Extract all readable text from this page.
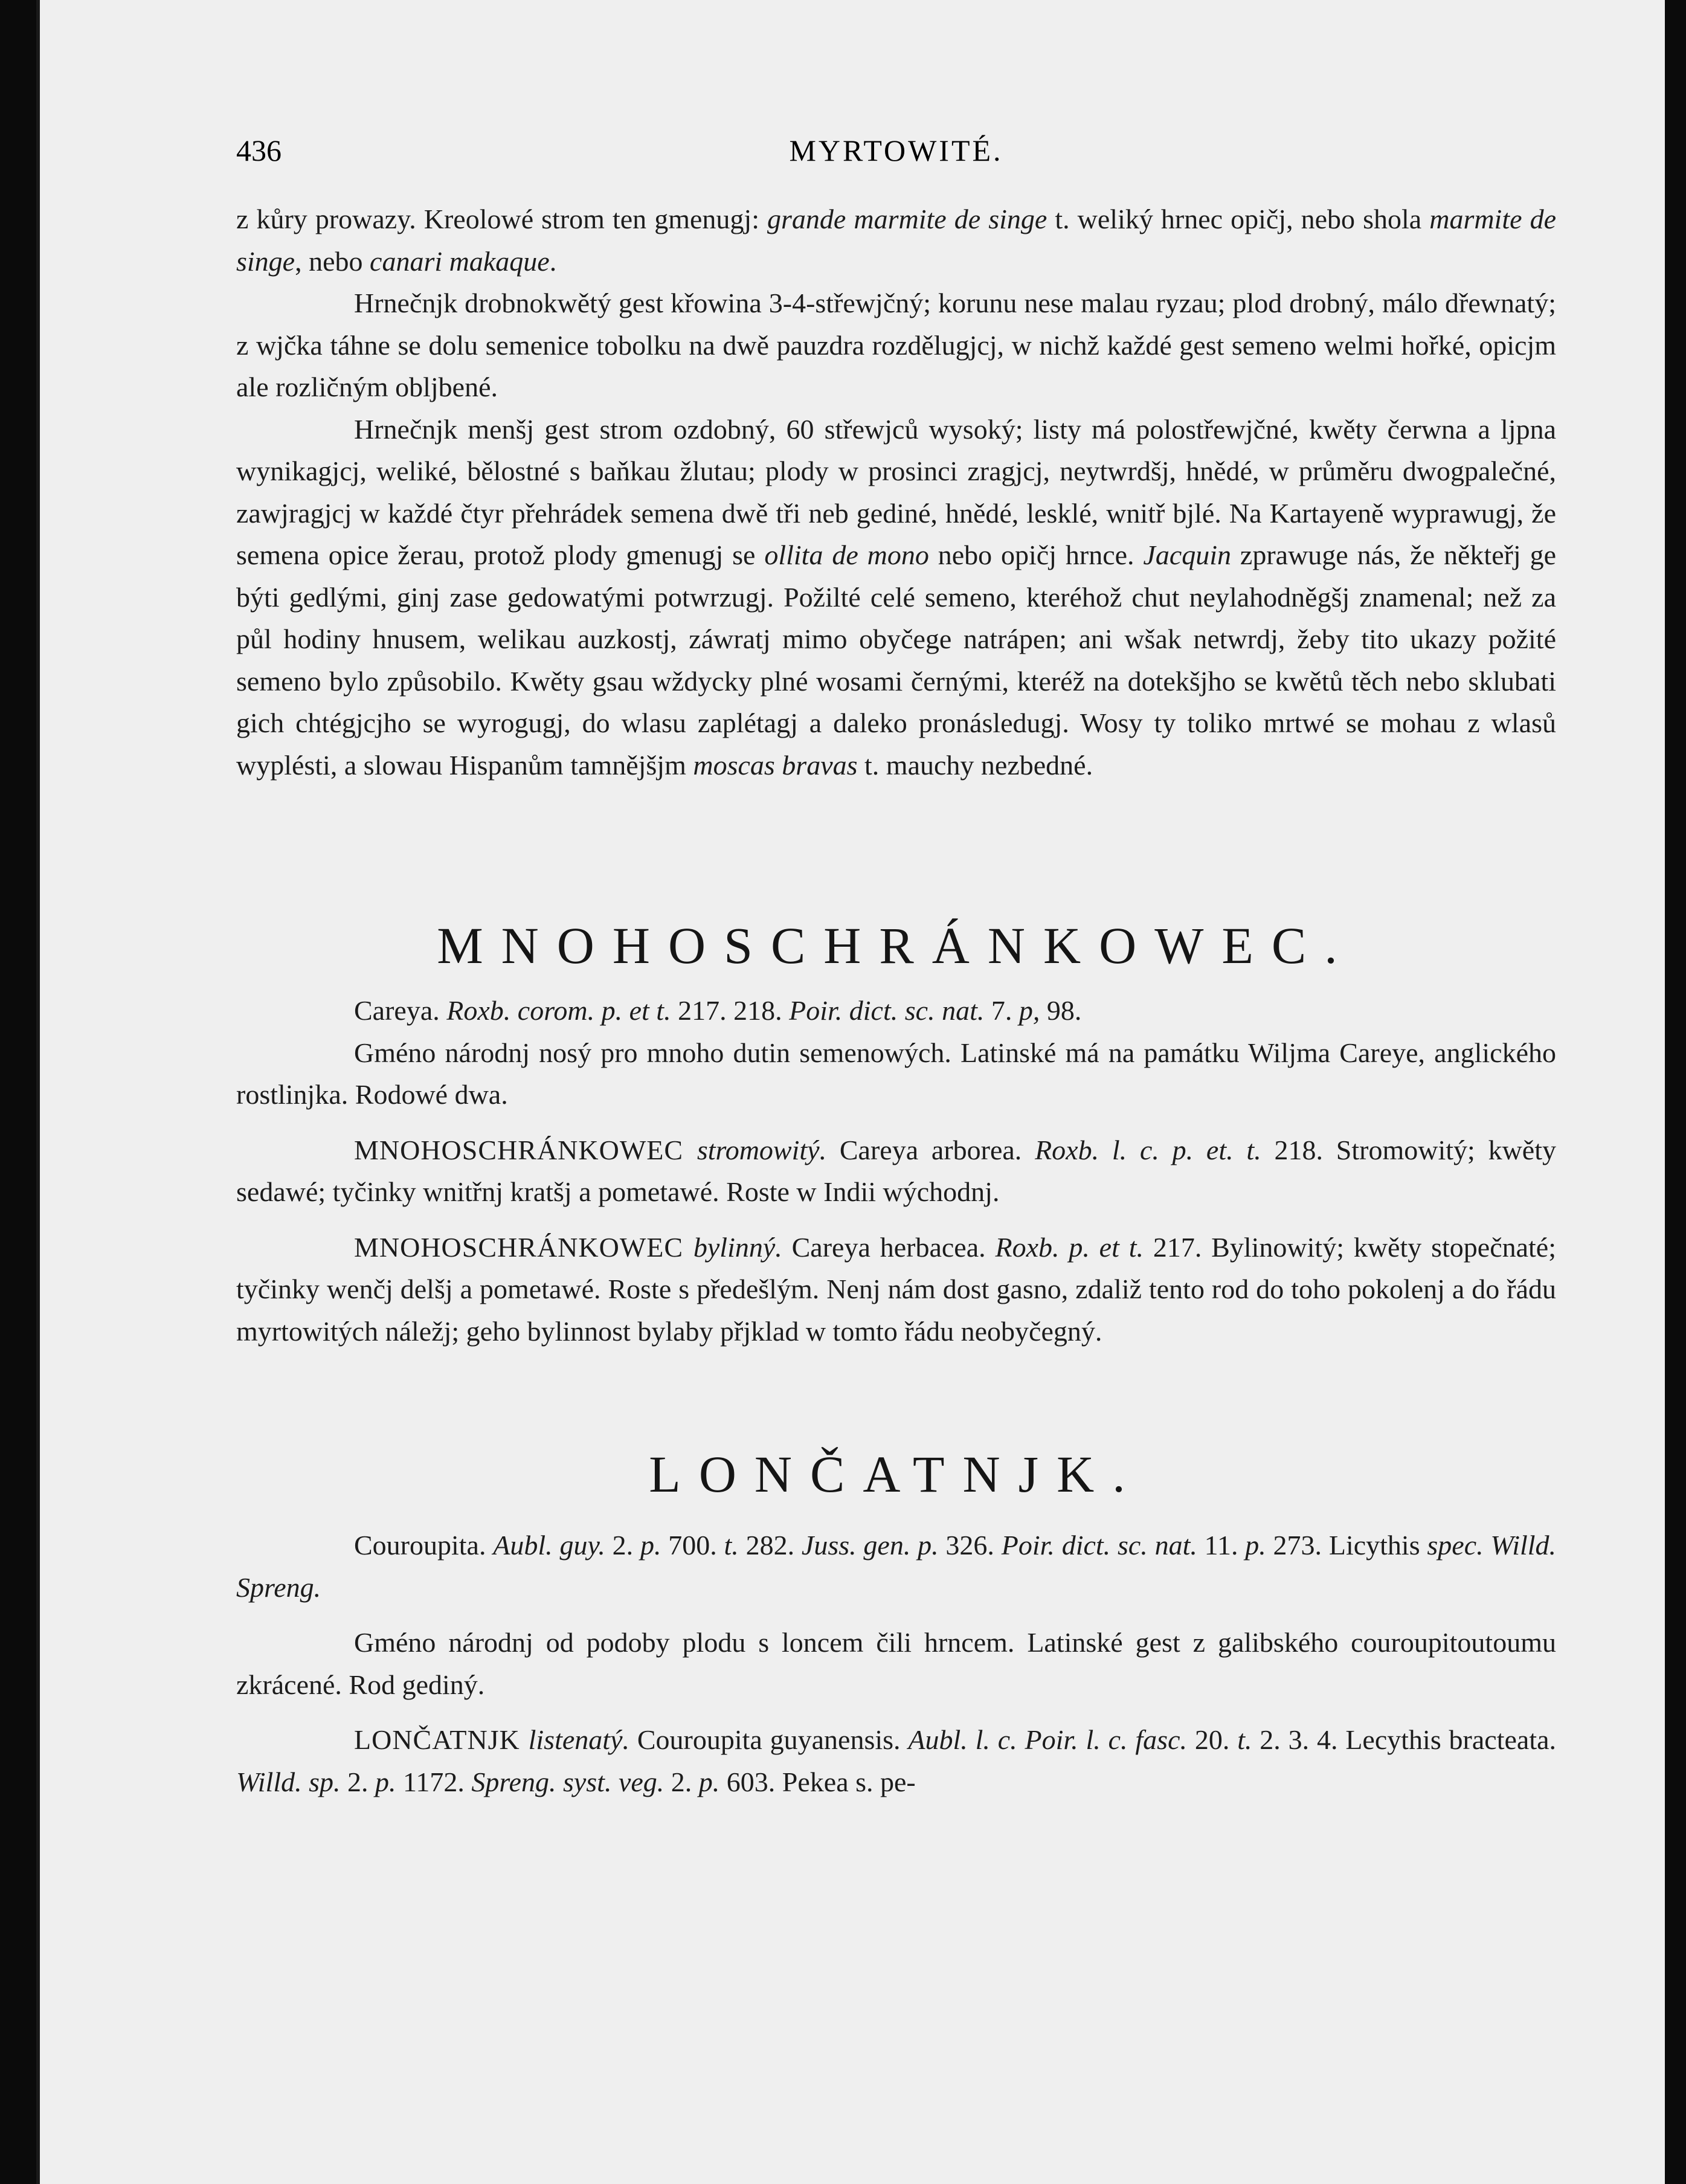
436	MYRTOWITÉ.

z kůry prowazy. Kreolowé strom ten gmenugj: grande marmite de singe t. weliký hrnec opičj, nebo shola marmite de singe, nebo canari makaque.

Hrnečnjk drobnokwětý gest křowina 3-4-střewjčný; korunu nese malau ryzau; plod drobný, málo dřewnatý; z wjčka táhne se dolu semenice tobolku na dwě pauzdra rozdělugjcj, w nichž každé gest semeno welmi hořké, opicjm ale rozličným obljbené.

Hrnečnjk menšj gest strom ozdobný, 60 střewjců wysoký; listy má polostřewjčné, kwěty čerwna a ljpna wynikagjcj, weliké, bělostné s baňkau žlutau; plody w prosinci zragjcj, neytwrdšj, hnědé, w průměru dwogpalečné, zawjragjcj w každé čtyr přehrádek semena dwě tři neb gediné, hnědé, lesklé, wnitř bjlé. Na Kartayeně wyprawugj, že semena opice žerau, protož plody gmenugj se ollita de mono nebo opičj hrnce. Jacquin zprawuge nás, že někteřj ge býti gedlými, ginj zase gedowatými potwrzugj. Požilté celé semeno, kteréhož chut neylahodněgšj znamenal; než za půl hodiny hnusem, welikau auzkostj, záwratj mimo obyčege natrápen; ani wšak netwrdj, žeby tito ukazy požité semeno bylo způsobilo. Kwěty gsau wždycky plné wosami černými, kteréž na dotekšjho se kwětů těch nebo sklubati gich chtégjcjho se wyrogugj, do wlasu zaplétagj a daleko pronásledugj. Wosy ty toliko mrtwé se mohau z wlasů wyplésti, a slowau Hispanům tamnějšjm moscas bravas t. mauchy nezbedné.

MNOHOSCHRÁNKOWEC.

Careya. Roxb. corom. p. et t. 217. 218. Poir. dict. sc. nat. 7. p, 98.

Gméno národnj nosý pro mnoho dutin semenowých. Latinské má na památku Wiljma Careye, anglického rostlinjka. Rodowé dwa.

MNOHOSCHRÁNKOWEC stromowitý. Careya arborea. Roxb. l. c. p. et. t. 218. Stromowitý; kwěty sedawé; tyčinky wnitřnj kratšj a pometawé. Roste w Indii wýchodnj.

MNOHOSCHRÁNKOWEC bylinný. Careya herbacea. Roxb. p. et t. 217. Bylinowitý; kwěty stopečnaté; tyčinky wenčj delšj a pometawé. Roste s předešlým. Nenj nám dost gasno, zdaliž tento rod do toho pokolenj a do řádu myrtowitých náležj; geho bylinnost bylaby přjklad w tomto řádu neobyčegný.

LONČATNJK.

Couroupita. Aubl. guy. 2. p. 700. t. 282. Juss. gen. p. 326. Poir. dict. sc. nat. 11. p. 273. Licythis spec. Willd. Spreng.

Gméno národnj od podoby plodu s loncem čili hrncem. Latinské gest z galibského couroupitoutoumu zkrácené. Rod gediný.

LONČATNJK listenatý. Couroupita guyanensis. Aubl. l. c. Poir. l. c. fasc. 20. t. 2. 3. 4. Lecythis bracteata. Willd. sp. 2. p. 1172. Spreng. syst. veg. 2. p. 603. Pekea s. pe-
